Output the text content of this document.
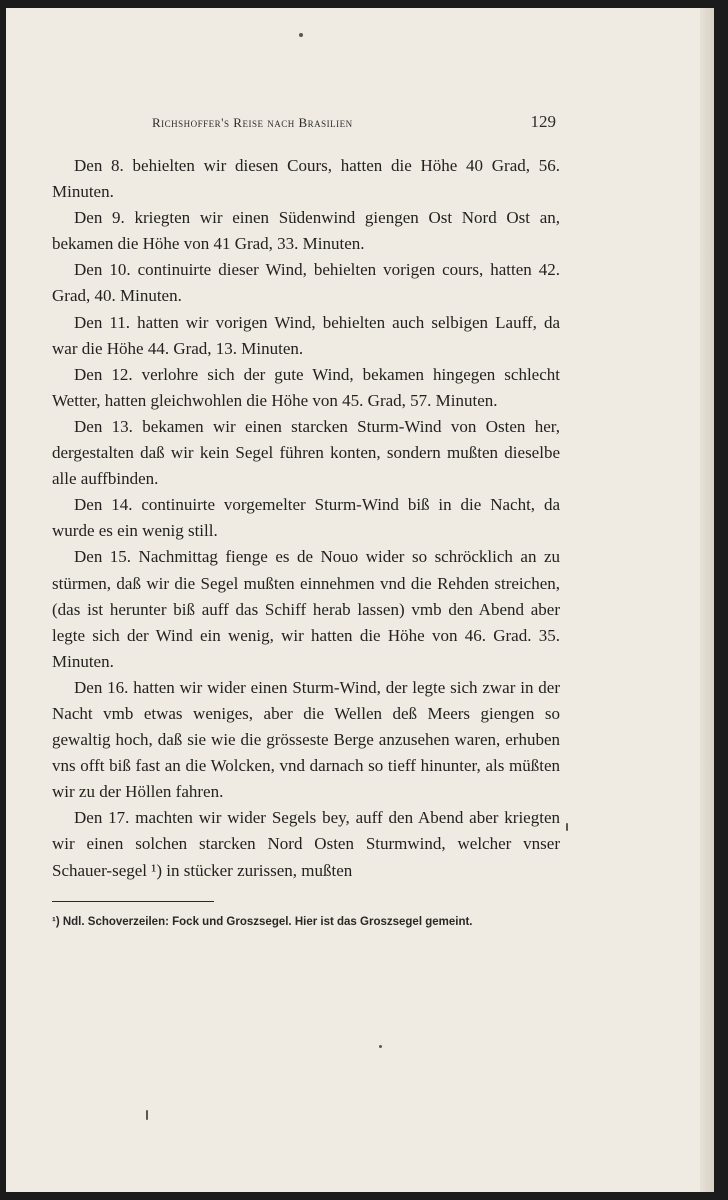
Richshoffer's Reise nach Brasilien	129

Den 8. behielten wir diesen Cours, hatten die Höhe 40 Grad, 56. Minuten.

Den 9. kriegten wir einen Südenwind giengen Ost Nord Ost an, bekamen die Höhe von 41 Grad, 33. Minuten.

Den 10. continuirte dieser Wind, behielten vorigen cours, hatten 42. Grad, 40. Minuten.

Den 11. hatten wir vorigen Wind, behielten auch selbigen Lauff, da war die Höhe 44. Grad, 13. Minuten.

Den 12. verlohre sich der gute Wind, bekamen hingegen schlecht Wetter, hatten gleichwohlen die Höhe von 45. Grad, 57. Minuten.

Den 13. bekamen wir einen starcken Sturm-Wind von Osten her, dergestalten daß wir kein Segel führen konten, sondern mußten dieselbe alle auffbinden.

Den 14. continuirte vorgemelter Sturm-Wind biß in die Nacht, da wurde es ein wenig still.

Den 15. Nachmittag fienge es de Nouo wider so schröcklich an zu stürmen, daß wir die Segel mußten einnehmen vnd die Rehden streichen, (das ist herunter biß auff das Schiff herab lassen) vmb den Abend aber legte sich der Wind ein wenig, wir hatten die Höhe von 46. Grad. 35. Minuten.

Den 16. hatten wir wider einen Sturm-Wind, der legte sich zwar in der Nacht vmb etwas weniges, aber die Wellen deß Meers giengen so gewaltig hoch, daß sie wie die grösseste Berge anzusehen waren, erhuben vns offt biß fast an die Wolcken, vnd darnach so tieff hinunter, als müßten wir zu der Höllen fahren.

Den 17. machten wir wider Segels bey, auff den Abend aber kriegten wir einen solchen starcken Nord Osten Sturmwind, welcher vnser Schauer-segel ¹) in stücker zurissen, mußten

¹) Ndl. Schoverzeilen: Fock und Groszsegel. Hier ist das Groszsegel gemeint.
